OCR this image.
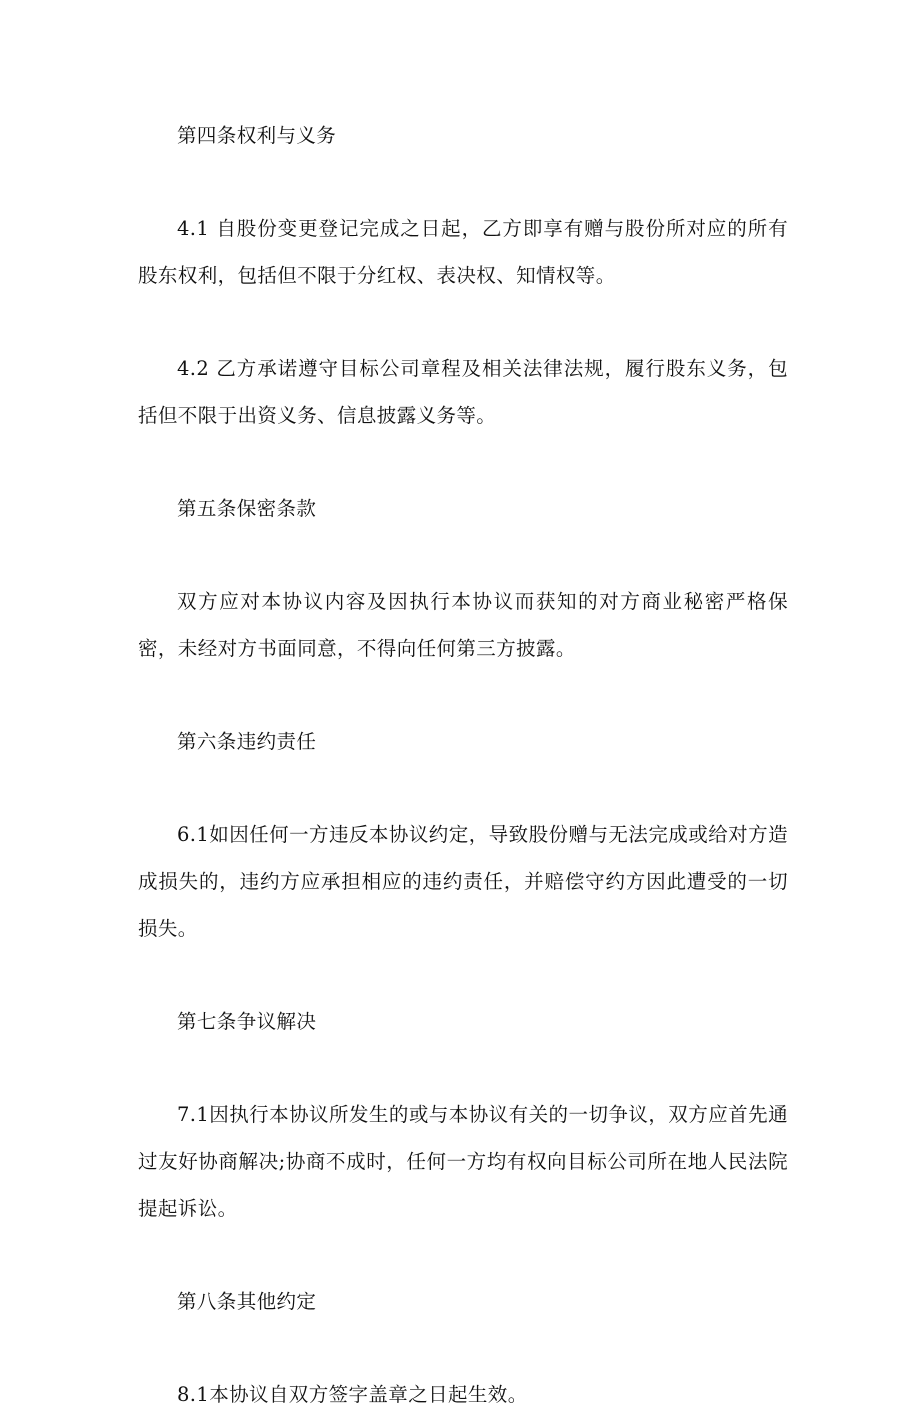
第四条权利与义务

4.1 自股份变更登记完成之日起，乙方即享有赠与股份所对应的所有股东权利，包括但不限于分红权、表决权、知情权等。

4.2 乙方承诺遵守目标公司章程及相关法律法规，履行股东义务，包括但不限于出资义务、信息披露义务等。

第五条保密条款

双方应对本协议内容及因执行本协议而获知的对方商业秘密严格保密，未经对方书面同意，不得向任何第三方披露。

第六条违约责任

6.1如因任何一方违反本协议约定，导致股份赠与无法完成或给对方造成损失的，违约方应承担相应的违约责任，并赔偿守约方因此遭受的一切损失。

第七条争议解决

7.1因执行本协议所发生的或与本协议有关的一切争议，双方应首先通过友好协商解决;协商不成时，任何一方均有权向目标公司所在地人民法院提起诉讼。

第八条其他约定

8.1本协议自双方签字盖章之日起生效。
